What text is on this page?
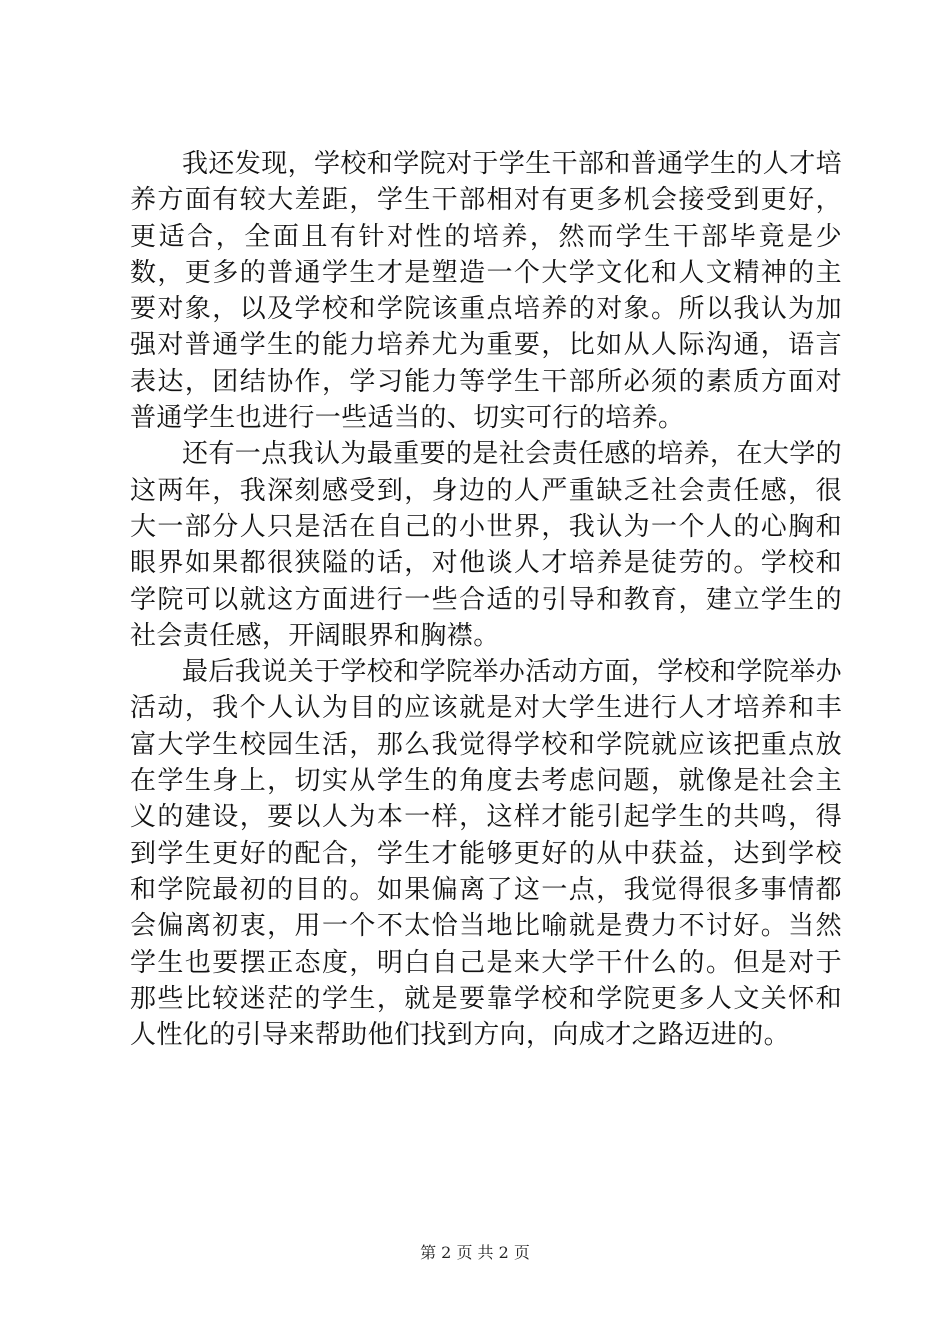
我还发现，学校和学院对于学生干部和普通学生的人才培养方面有较大差距，学生干部相对有更多机会接受到更好，更适合，全面且有针对性的培养，然而学生干部毕竟是少数，更多的普通学生才是塑造一个大学文化和人文精神的主要对象，以及学校和学院该重点培养的对象。所以我认为加强对普通学生的能力培养尤为重要，比如从人际沟通，语言表达，团结协作，学习能力等学生干部所必须的素质方面对普通学生也进行一些适当的、切实可行的培养。

还有一点我认为最重要的是社会责任感的培养，在大学的这两年，我深刻感受到，身边的人严重缺乏社会责任感，很大一部分人只是活在自己的小世界，我认为一个人的心胸和眼界如果都很狭隘的话，对他谈人才培养是徒劳的。学校和学院可以就这方面进行一些合适的引导和教育，建立学生的社会责任感，开阔眼界和胸襟。

最后我说关于学校和学院举办活动方面，学校和学院举办活动，我个人认为目的应该就是对大学生进行人才培养和丰富大学生校园生活，那么我觉得学校和学院就应该把重点放在学生身上，切实从学生的角度去考虑问题，就像是社会主义的建设，要以人为本一样，这样才能引起学生的共鸣，得到学生更好的配合，学生才能够更好的从中获益，达到学校和学院最初的目的。如果偏离了这一点，我觉得很多事情都会偏离初衷，用一个不太恰当地比喻就是费力不讨好。当然学生也要摆正态度，明白自己是来大学干什么的。但是对于那些比较迷茫的学生，就是要靠学校和学院更多人文关怀和人性化的引导来帮助他们找到方向，向成才之路迈进的。

第 2 页 共 2 页
